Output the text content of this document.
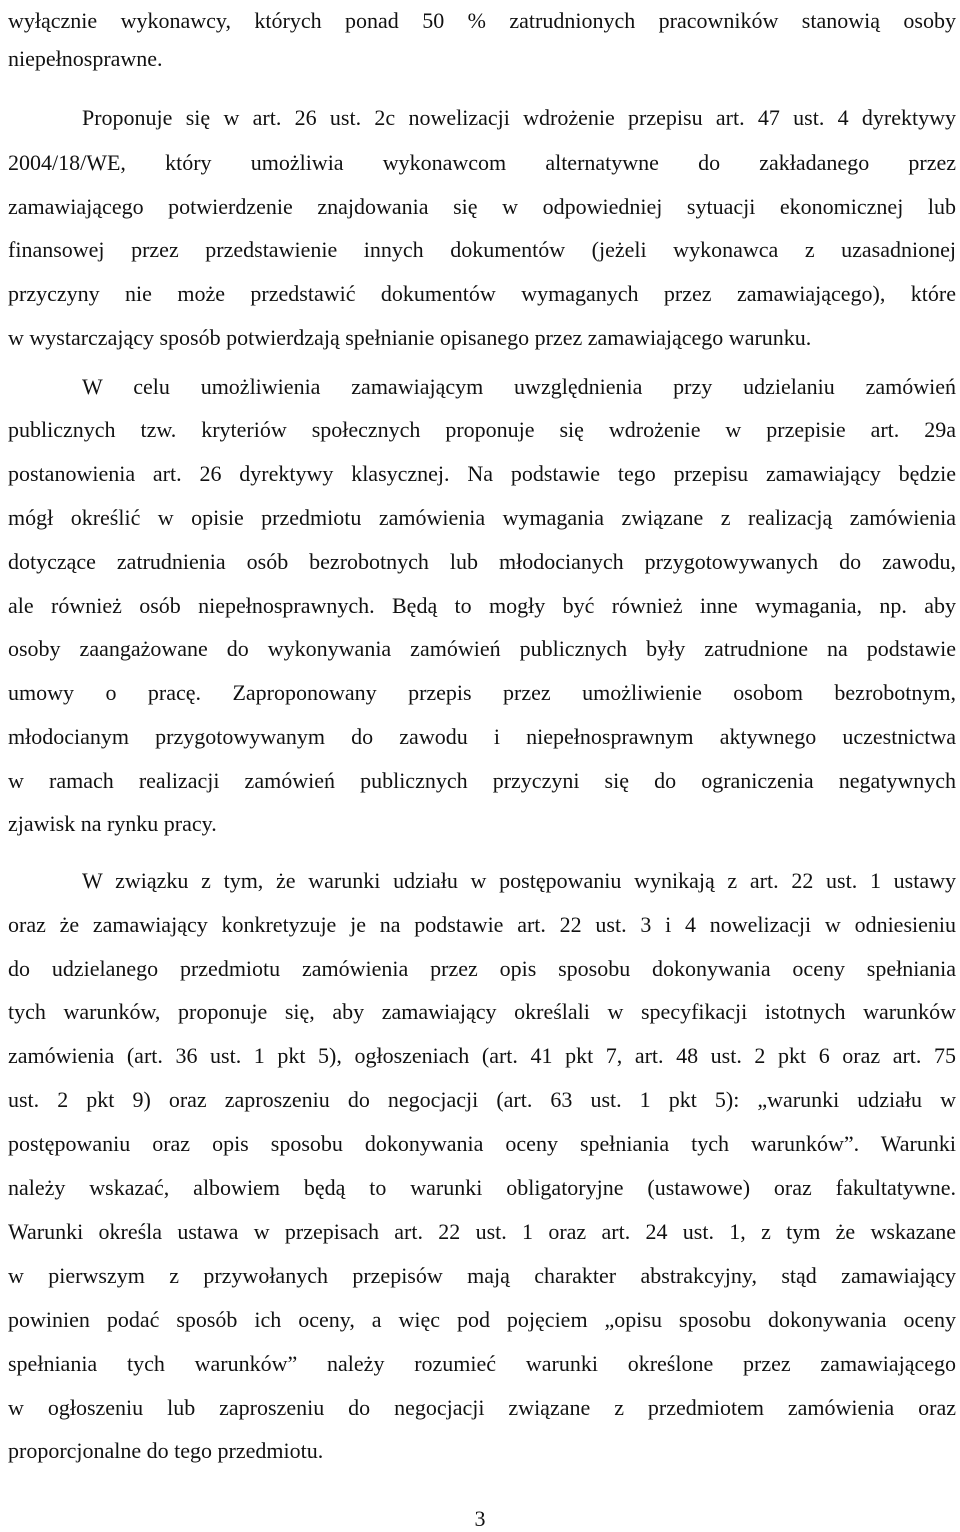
wyłącznie wykonawcy, których ponad 50 % zatrudnionych pracowników stanowią osoby
niepełnosprawne.
Proponuje się w art. 26 ust. 2c nowelizacji wdrożenie przepisu art. 47 ust. 4 dyrektywy
2004/18/WE, który umożliwia wykonawcom alternatywne do zakładanego przez
zamawiającego potwierdzenie znajdowania się w odpowiedniej sytuacji ekonomicznej lub
finansowej przez przedstawienie innych dokumentów (jeżeli wykonawca z uzasadnionej
przyczyny nie może przedstawić dokumentów wymaganych przez zamawiającego), które
w wystarczający sposób potwierdzają spełnianie opisanego przez zamawiającego warunku.
W celu umożliwienia zamawiającym uwzględnienia przy udzielaniu zamówień
publicznych tzw. kryteriów społecznych proponuje się wdrożenie w przepisie art. 29a
postanowienia art. 26 dyrektywy klasycznej. Na podstawie tego przepisu zamawiający będzie
mógł określić w opisie przedmiotu zamówienia wymagania związane z realizacją zamówienia
dotyczące zatrudnienia osób bezrobotnych lub młodocianych przygotowywanych do zawodu,
ale również osób niepełnosprawnych. Będą to mogły być również inne wymagania, np. aby
osoby zaangażowane do wykonywania zamówień publicznych były zatrudnione na podstawie
umowy o pracę. Zaproponowany przepis przez umożliwienie osobom bezrobotnym,
młodocianym przygotowywanym do zawodu i niepełnosprawnym aktywnego uczestnictwa
w ramach realizacji zamówień publicznych przyczyni się do ograniczenia negatywnych
zjawisk na rynku pracy.
W związku z tym, że warunki udziału w postępowaniu wynikają z art. 22 ust. 1 ustawy
oraz że zamawiający konkretyzuje je na podstawie art. 22 ust. 3 i 4 nowelizacji w odniesieniu
do udzielanego przedmiotu zamówienia przez opis sposobu dokonywania oceny spełniania
tych warunków, proponuje się, aby zamawiający określali w specyfikacji istotnych warunków
zamówienia (art. 36 ust. 1 pkt 5), ogłoszeniach (art. 41 pkt 7, art. 48 ust. 2 pkt 6 oraz art. 75
ust. 2 pkt 9) oraz zaproszeniu do negocjacji (art. 63 ust. 1 pkt 5): „warunki udziału w
postępowaniu oraz opis sposobu dokonywania oceny spełniania tych warunków”. Warunki
należy wskazać, albowiem będą to warunki obligatoryjne (ustawowe) oraz fakultatywne.
Warunki określa ustawa w przepisach art. 22 ust. 1 oraz art. 24 ust. 1, z tym że wskazane
w pierwszym z przywołanych przepisów mają charakter abstrakcyjny, stąd zamawiający
powinien podać sposób ich oceny, a więc pod pojęciem „opisu sposobu dokonywania oceny
spełniania tych warunków” należy rozumieć warunki określone przez zamawiającego
w ogłoszeniu lub zaproszeniu do negocjacji związane z przedmiotem zamówienia oraz
proporcjonalne do tego przedmiotu.
3
